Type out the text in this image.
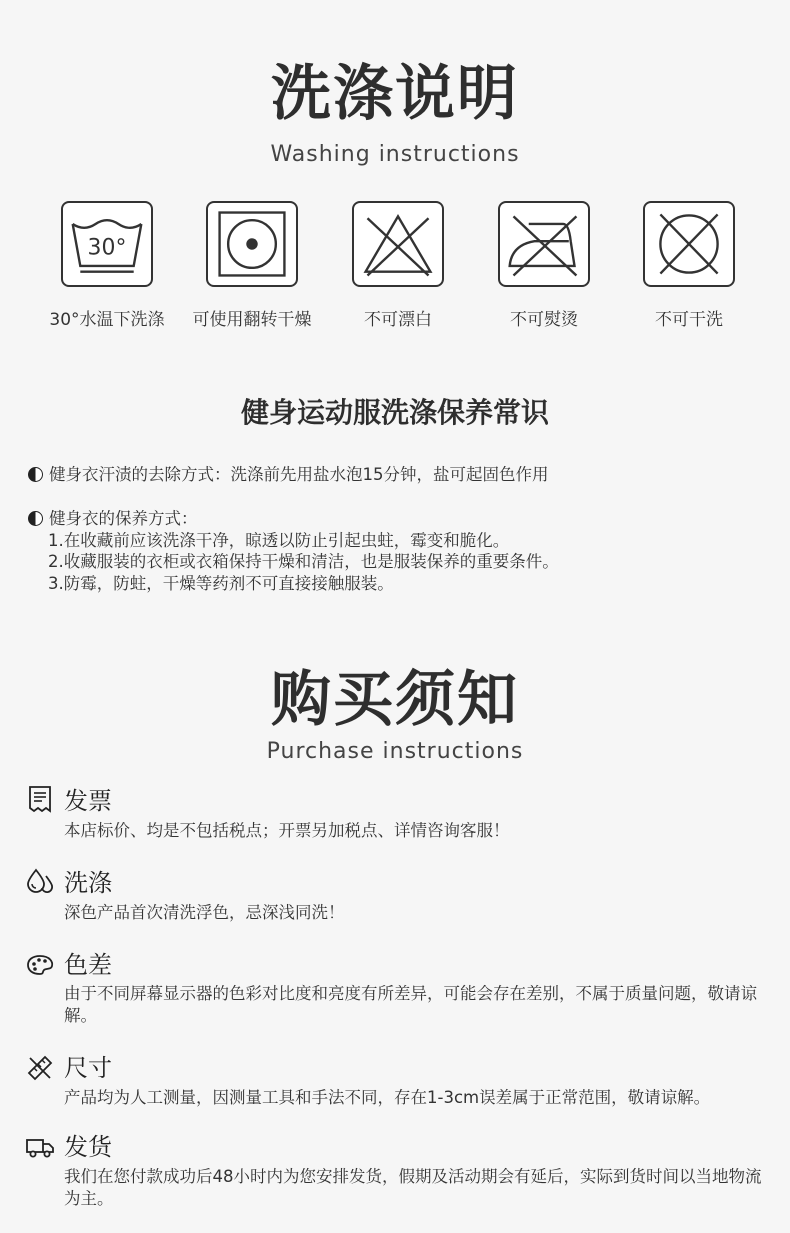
洗涤说明
Washing instructions
30°
30°水温下洗涤	可使用翻转干燥	不可漂白	不可熨烫	不可干洗
健身运动服洗涤保养常识
健身衣汗渍的去除方式：洗涤前先用盐水泡15分钟，盐可起固色作用
健身衣的保养方式：
1.在收藏前应该洗涤干净，晾透以防止引起虫蛀，霉变和脆化。
2.收藏服装的衣柜或衣箱保持干燥和清洁，也是服装保养的重要条件。
3.防霉，防蛀，干燥等药剂不可直接接触服装。
购买须知
Purchase instructions
发票
本店标价、均是不包括税点；开票另加税点、详情咨询客服！
洗涤
深色产品首次清洗浮色，忌深浅同洗！
色差
由于不同屏幕显示器的色彩对比度和亮度有所差异，可能会存在差别，不属于质量问题，敬请谅解。
尺寸
产品均为人工测量，因测量工具和手法不同，存在1-3cm误差属于正常范围，敬请谅解。
发货
我们在您付款成功后48小时内为您安排发货，假期及活动期会有延后，实际到货时间以当地物流为主。
